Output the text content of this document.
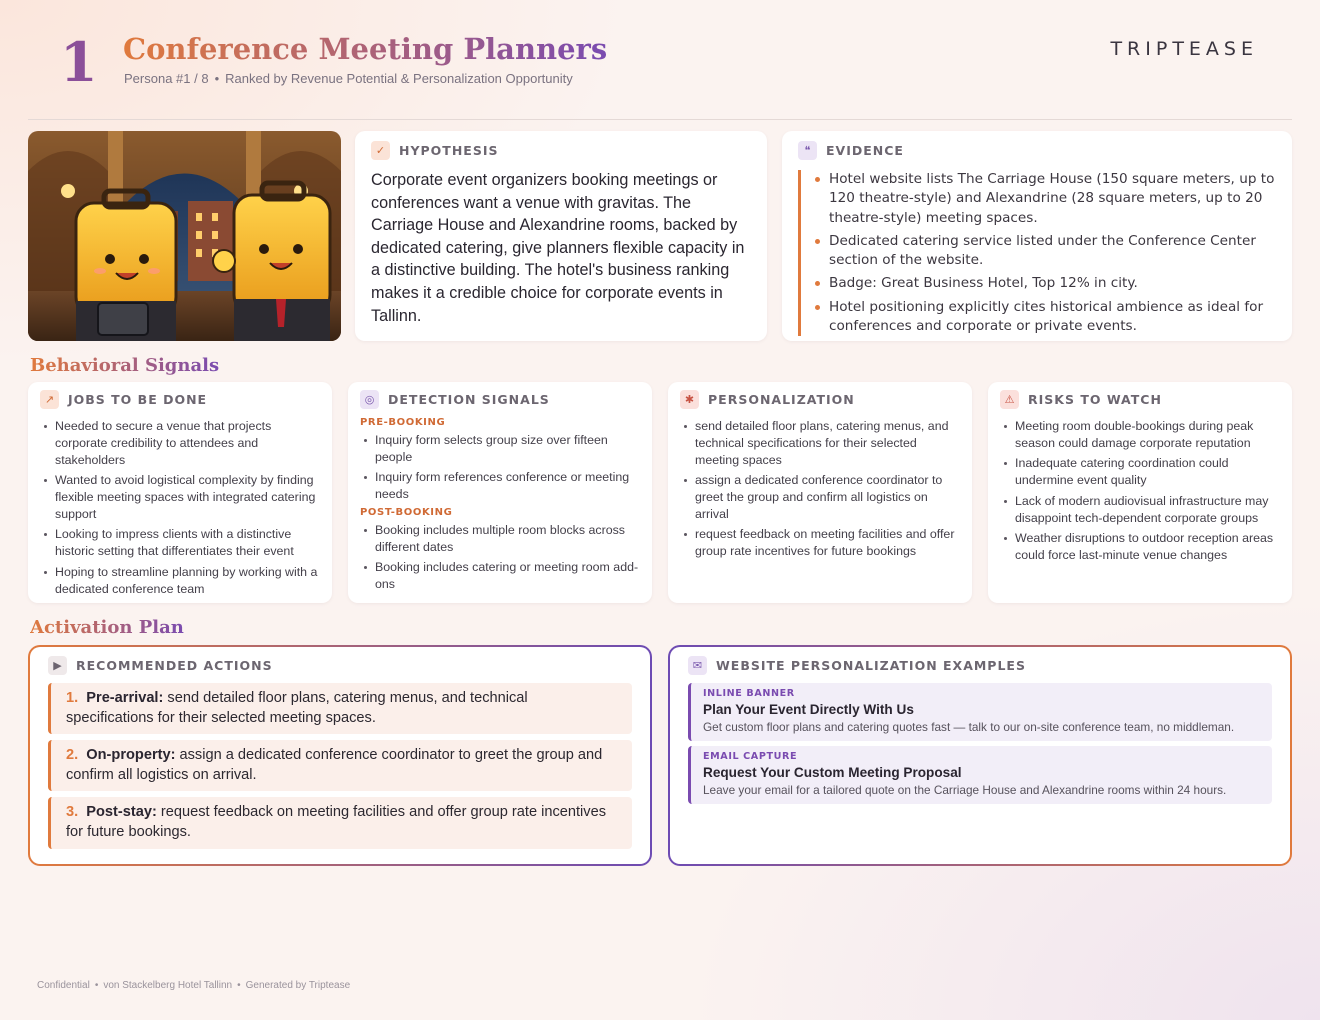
1 Conference Meeting Planners
Persona #1 / 8 • Ranked by Revenue Potential & Personalization Opportunity
TRIPTEASE
✓	HYPOTHESIS
Corporate event organizers booking meetings or conferences want a venue with gravitas. The Carriage House and Alexandrine rooms, backed by dedicated catering, give planners flexible capacity in a distinctive building. The hotel's business ranking makes it a credible choice for corporate events in Tallinn.
❝	EVIDENCE
Hotel website lists The Carriage House (150 square meters, up to 120 theatre-style) and Alexandrine (28 square meters, up to 20 theatre-style) meeting spaces.
Dedicated catering service listed under the Conference Center section of the website.
Badge: Great Business Hotel, Top 12% in city.
Hotel positioning explicitly cites historical ambience as ideal for conferences and corporate or private events.
Behavioral Signals
↗	JOBS TO BE DONE
Needed to secure a venue that projects corporate credibility to attendees and stakeholders
Wanted to avoid logistical complexity by finding flexible meeting spaces with integrated catering support
Looking to impress clients with a distinctive historic setting that differentiates their event
Hoping to streamline planning by working with a dedicated conference team
◎	DETECTION SIGNALS
PRE-BOOKING
Inquiry form selects group size over fifteen people
Inquiry form references conference or meeting needs
POST-BOOKING
Booking includes multiple room blocks across different dates
Booking includes catering or meeting room add-ons
✱	PERSONALIZATION
send detailed floor plans, catering menus, and technical specifications for their selected meeting spaces
assign a dedicated conference coordinator to greet the group and confirm all logistics on arrival
request feedback on meeting facilities and offer group rate incentives for future bookings
⚠	RISKS TO WATCH
Meeting room double-bookings during peak season could damage corporate reputation
Inadequate catering coordination could undermine event quality
Lack of modern audiovisual infrastructure may disappoint tech-dependent corporate groups
Weather disruptions to outdoor reception areas could force last-minute venue changes
Activation Plan
▶	RECOMMENDED ACTIONS
1. Pre-arrival: send detailed floor plans, catering menus, and technical specifications for their selected meeting spaces.
2. On-property: assign a dedicated conference coordinator to greet the group and confirm all logistics on arrival.
3. Post-stay: request feedback on meeting facilities and offer group rate incentives for future bookings.
✉	WEBSITE PERSONALIZATION EXAMPLES
INLINE BANNER
Plan Your Event Directly With Us
Get custom floor plans and catering quotes fast — talk to our on-site conference team, no middleman.
EMAIL CAPTURE
Request Your Custom Meeting Proposal
Leave your email for a tailored quote on the Carriage House and Alexandrine rooms within 24 hours.
Confidential • von Stackelberg Hotel Tallinn • Generated by Triptease
